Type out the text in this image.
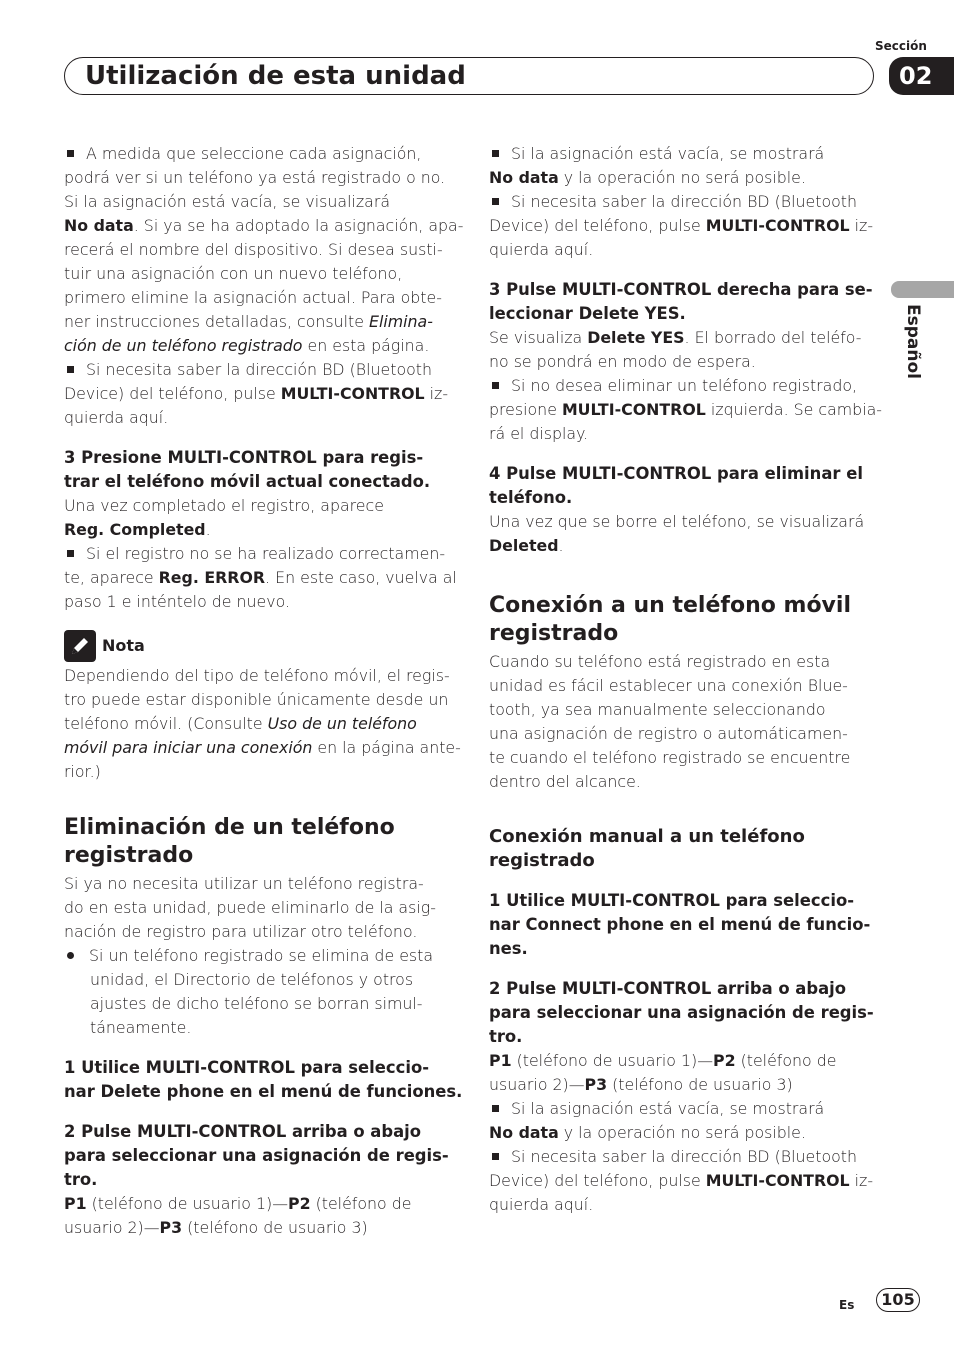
Utilización de esta unidad
Sección
02
Español

A medida que seleccione cada asignación,

podrá ver si un teléfono ya está registrado o no.

Si la asignación está vacía, se visualizará

No data. Si ya se ha adoptado la asignación, apa-

recerá el nombre del dispositivo. Si desea susti-

tuir una asignación con un nuevo teléfono,

primero elimine la asignación actual. Para obte-

ner instrucciones detalladas, consulte Elimina-

ción de un teléfono registrado en esta página.

Si necesita saber la dirección BD (Bluetooth

Device) del teléfono, pulse MULTI-CONTROL iz-

quierda aquí.

3 Presione MULTI-CONTROL para regis-

trar el teléfono móvil actual conectado.

Una vez completado el registro, aparece

Reg. Completed.

Si el registro no se ha realizado correctamen-

te, aparece Reg. ERROR. En este caso, vuelva al

paso 1 e inténtelo de nuevo.

Nota

Dependiendo del tipo de teléfono móvil, el regis-

tro puede estar disponible únicamente desde un

teléfono móvil. (Consulte Uso de un teléfono

móvil para iniciar una conexión en la página ante-

rior.)

Eliminación de un teléfono
registrado

Si ya no necesita utilizar un teléfono registra-

do en esta unidad, puede eliminarlo de la asig-

nación de registro para utilizar otro teléfono.

Si un teléfono registrado se elimina de esta

unidad, el Directorio de teléfonos y otros

ajustes de dicho teléfono se borran simul-

táneamente.

1 Utilice MULTI-CONTROL para seleccio-

nar Delete phone en el menú de funciones.

2 Pulse MULTI-CONTROL arriba o abajo

para seleccionar una asignación de regis-

tro.

P1 (teléfono de usuario 1)—P2 (teléfono de

usuario 2)—P3 (teléfono de usuario 3)

Si la asignación está vacía, se mostrará

No data y la operación no será posible.

Si necesita saber la dirección BD (Bluetooth

Device) del teléfono, pulse MULTI-CONTROL iz-

quierda aquí.

3 Pulse MULTI-CONTROL derecha para se-

leccionar Delete YES.

Se visualiza Delete YES. El borrado del teléfo-

no se pondrá en modo de espera.

Si no desea eliminar un teléfono registrado,

presione MULTI-CONTROL izquierda. Se cambia-

rá el display.

4 Pulse MULTI-CONTROL para eliminar el

teléfono.

Una vez que se borre el teléfono, se visualizará

Deleted.

Conexión a un teléfono móvil
registrado

Cuando su teléfono está registrado en esta

unidad es fácil establecer una conexión Blue-

tooth, ya sea manualmente seleccionando

una asignación de registro o automáticamen-

te cuando el teléfono registrado se encuentre

dentro del alcance.

Conexión manual a un teléfono
registrado

1 Utilice MULTI-CONTROL para seleccio-

nar Connect phone en el menú de funcio-

nes.

2 Pulse MULTI-CONTROL arriba o abajo

para seleccionar una asignación de regis-

tro.

P1 (teléfono de usuario 1)—P2 (teléfono de

usuario 2)—P3 (teléfono de usuario 3)

Si la asignación está vacía, se mostrará

No data y la operación no será posible.

Si necesita saber la dirección BD (Bluetooth

Device) del teléfono, pulse MULTI-CONTROL iz-

quierda aquí.

Es	105
